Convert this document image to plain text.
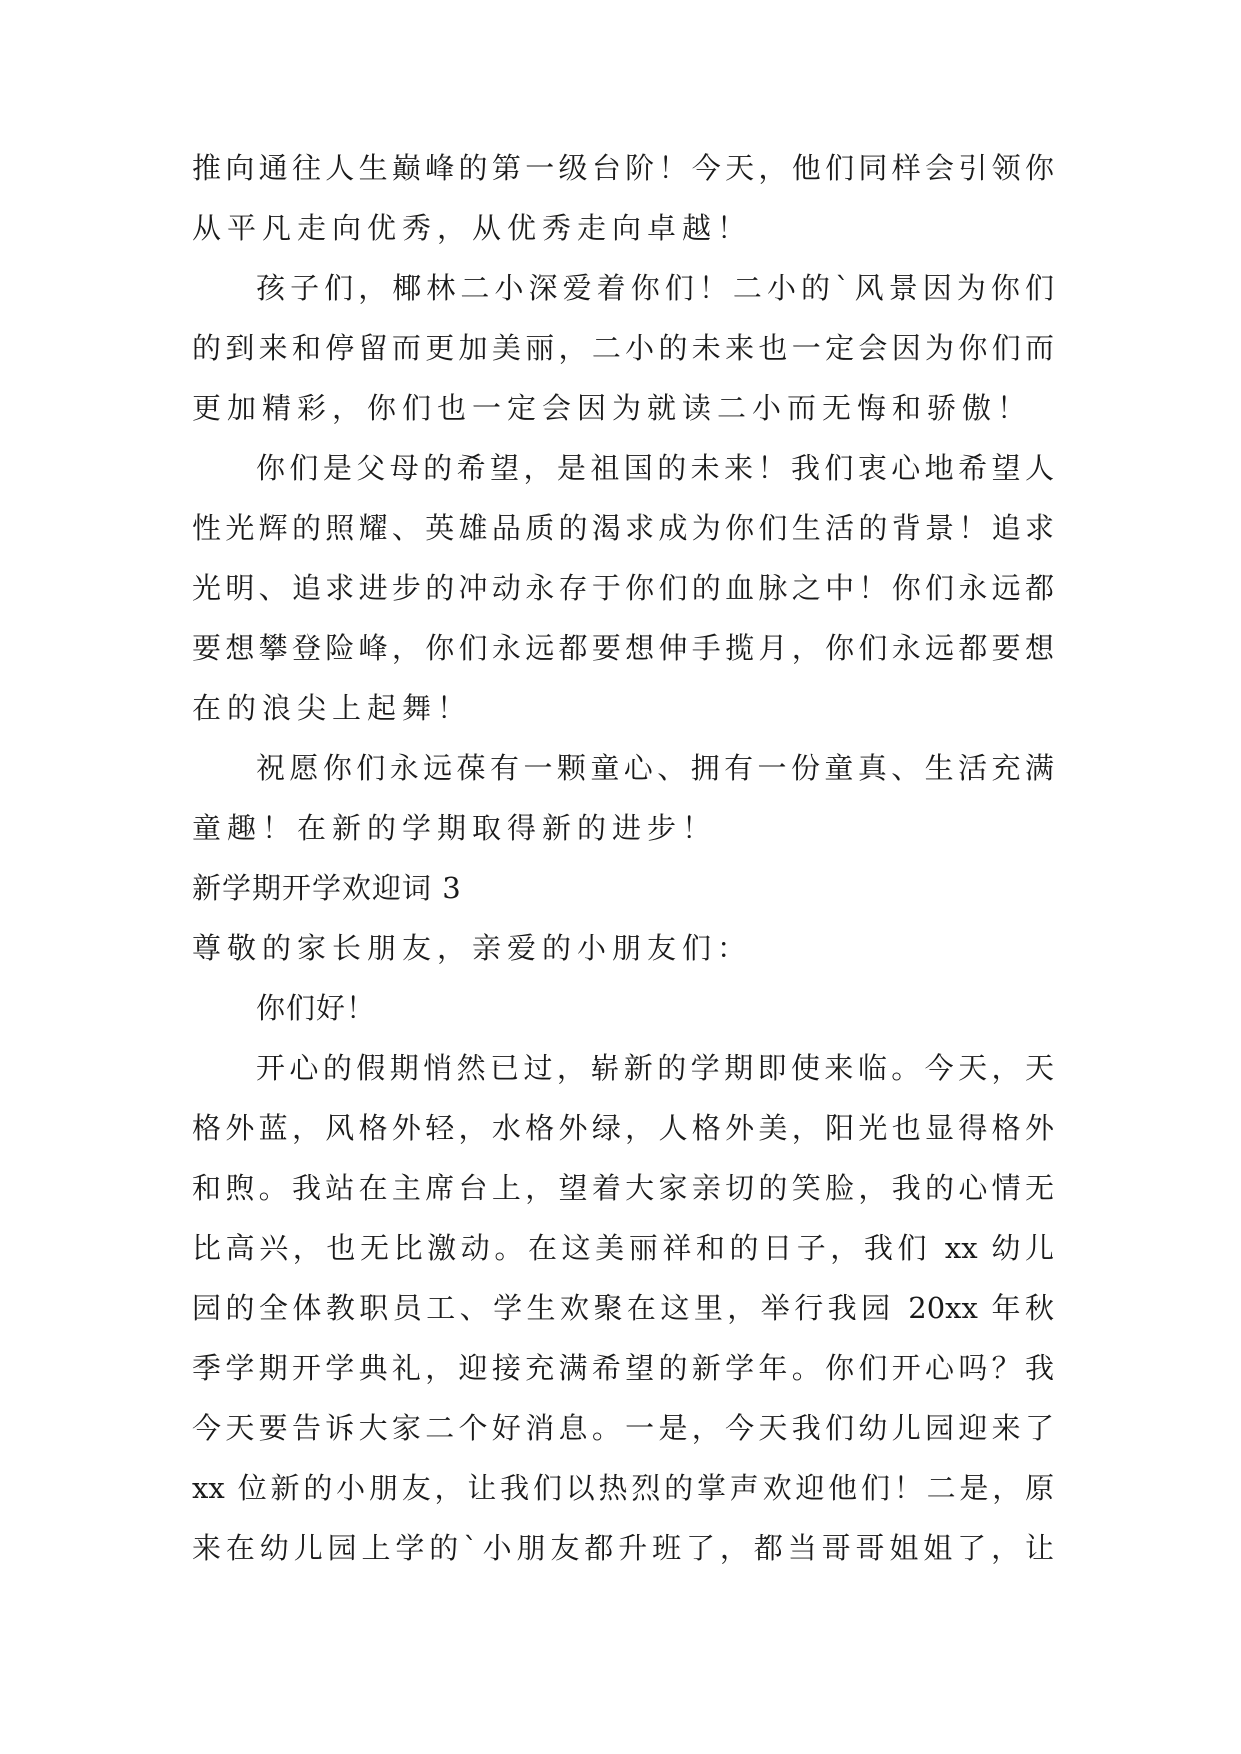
推向通往人生巅峰的第一级台阶！今天，他们同样会引领你
从平凡走向优秀，从优秀走向卓越！
孩子们，椰林二小深爱着你们！二小的`风景因为你们
的到来和停留而更加美丽，二小的未来也一定会因为你们而
更加精彩，你们也一定会因为就读二小而无悔和骄傲！
你们是父母的希望，是祖国的未来！我们衷心地希望人
性光辉的照耀、英雄品质的渴求成为你们生活的背景！追求
光明、追求进步的冲动永存于你们的血脉之中！你们永远都
要想攀登险峰，你们永远都要想伸手揽月，你们永远都要想
在的浪尖上起舞！
祝愿你们永远葆有一颗童心、拥有一份童真、生活充满
童趣！在新的学期取得新的进步！
新学期开学欢迎词 3
尊敬的家长朋友，亲爱的小朋友们：
你们好！
开心的假期悄然已过，崭新的学期即使来临。今天，天
格外蓝，风格外轻，水格外绿，人格外美，阳光也显得格外
和煦。我站在主席台上，望着大家亲切的笑脸，我的心情无
比高兴，也无比激动。在这美丽祥和的日子，我们 xx 幼儿
园的全体教职员工、学生欢聚在这里，举行我园 20xx 年秋
季学期开学典礼，迎接充满希望的新学年。你们开心吗？我
今天要告诉大家二个好消息。一是，今天我们幼儿园迎来了
xx 位新的小朋友，让我们以热烈的掌声欢迎他们！二是，原
来在幼儿园上学的`小朋友都升班了，都当哥哥姐姐了，让
